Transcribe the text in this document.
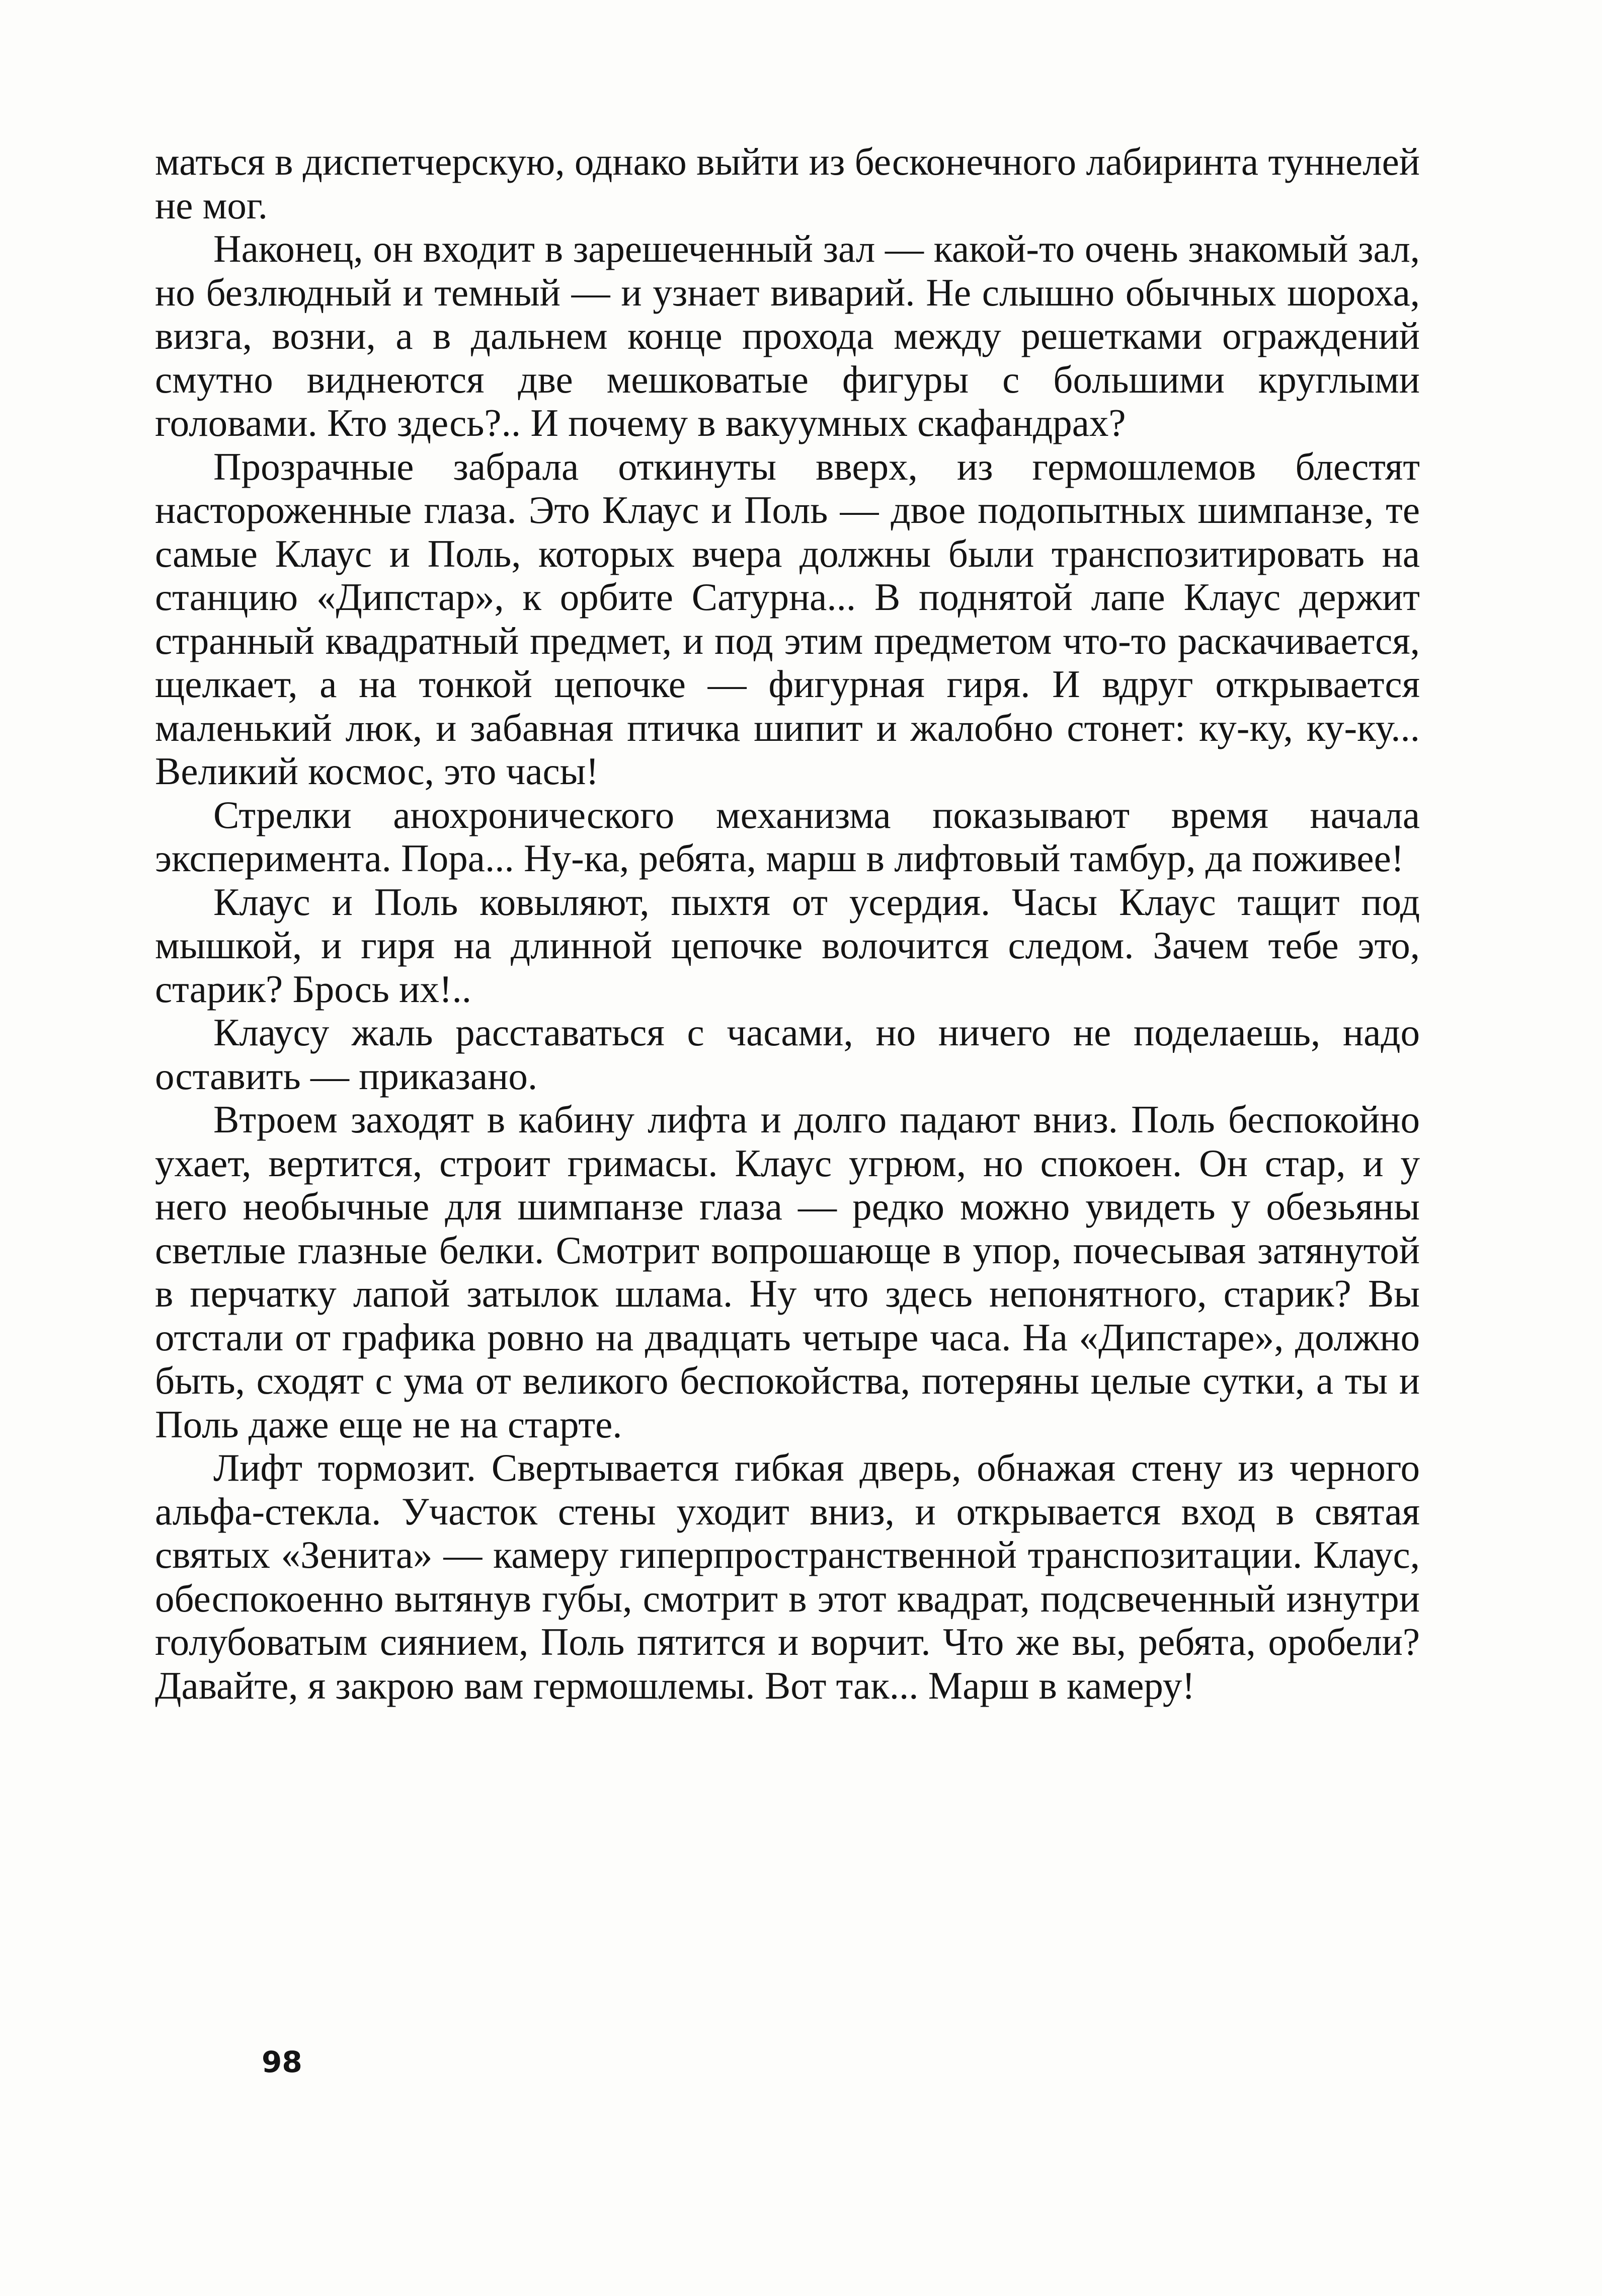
маться в диспетчерскую, однако выйти из бесконечного лабиринта туннелей не мог.

Наконец, он входит в зарешеченный зал — какой-то очень знакомый зал, но безлюдный и темный — и узнает виварий. Не слышно обычных шороха, визга, возни, а в дальнем конце прохода между решетками ограждений смутно виднеются две мешковатые фигуры с большими круглыми головами. Кто здесь?.. И почему в вакуумных скафандрах?

Прозрачные забрала откинуты вверх, из гермошлемов блестят настороженные глаза. Это Клаус и Поль — двое подопытных шимпанзе, те самые Клаус и Поль, которых вчера должны были транспозитировать на станцию «Дипстар», к орбите Сатурна... В поднятой лапе Клаус держит странный квадратный предмет, и под этим предметом что-то раскачивается, щелкает, а на тонкой цепочке — фигурная гиря. И вдруг открывается маленький люк, и забавная птичка шипит и жалобно стонет: ку-ку, ку-ку... Великий космос, это часы!

Стрелки анохронического механизма показывают время начала эксперимента. Пора... Ну-ка, ребята, марш в лифтовый тамбур, да поживее!

Клаус и Поль ковыляют, пыхтя от усердия. Часы Клаус тащит под мышкой, и гиря на длинной цепочке волочится следом. Зачем тебе это, старик? Брось их!..

Клаусу жаль расставаться с часами, но ничего не поделаешь, надо оставить — приказано.

Втроем заходят в кабину лифта и долго падают вниз. Поль беспокойно ухает, вертится, строит гримасы. Клаус угрюм, но спокоен. Он стар, и у него необычные для шимпанзе глаза — редко можно увидеть у обезьяны светлые глазные белки. Смотрит вопрошающе в упор, почесывая затянутой в перчатку лапой затылок шлама. Ну что здесь непонятного, старик? Вы отстали от графика ровно на двадцать четыре часа. На «Дипстаре», должно быть, сходят с ума от великого беспокойства, потеряны целые сутки, а ты и Поль даже еще не на старте.

Лифт тормозит. Свертывается гибкая дверь, обнажая стену из черного альфа-стекла. Участок стены уходит вниз, и открывается вход в святая святых «Зенита» — камеру гиперпространственной транспозитации. Клаус, обеспокоенно вытянув губы, смотрит в этот квадрат, подсвеченный изнутри голубоватым сиянием, Поль пятится и ворчит. Что же вы, ребята, оробели? Давайте, я закрою вам гермошлемы. Вот так... Марш в камеру!

98
